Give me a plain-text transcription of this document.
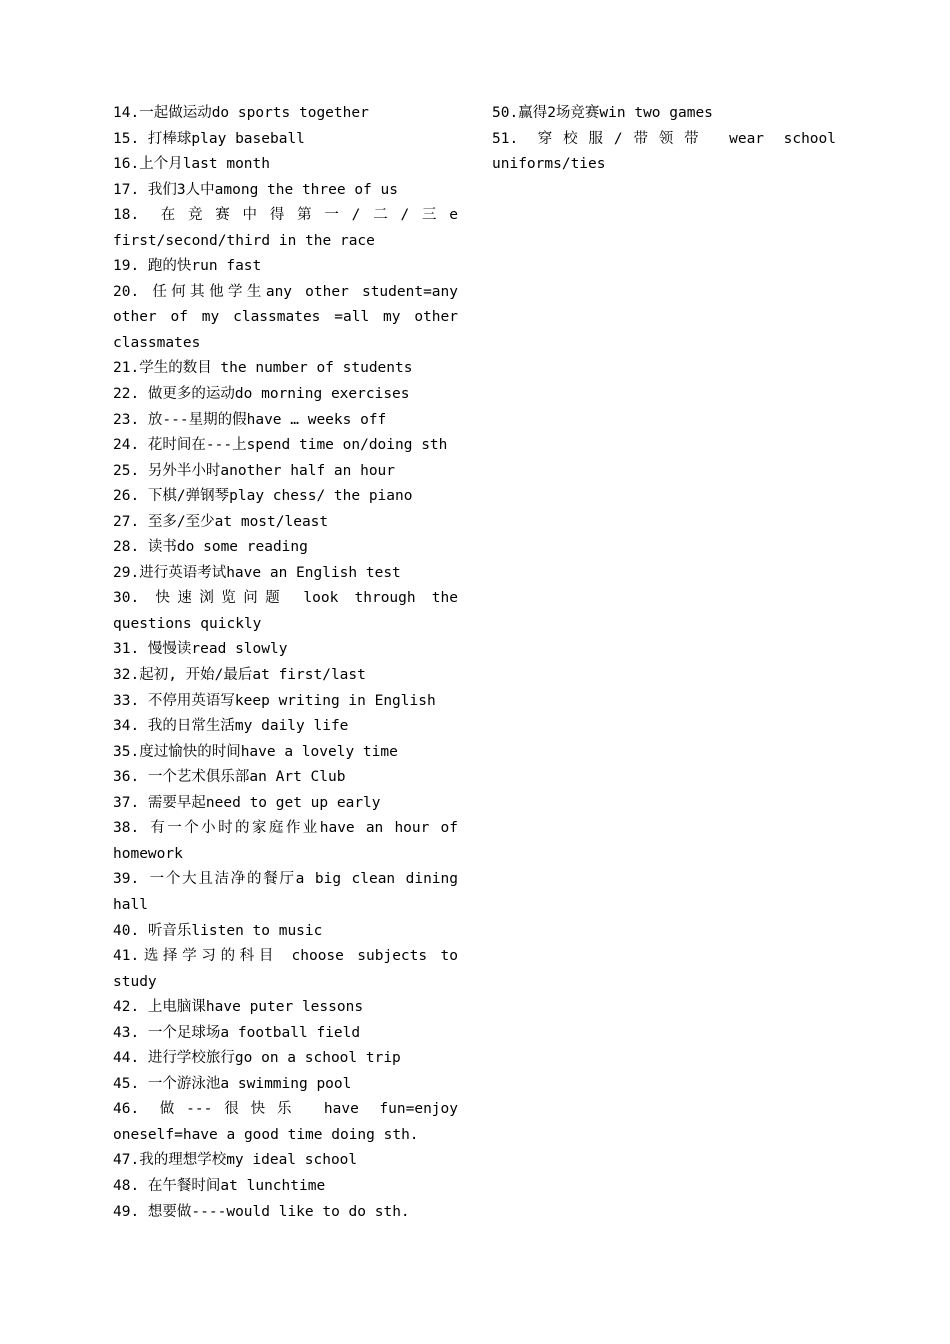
14.一起做运动do sports together

15. 打棒球play baseball

16.上个月last month

17. 我们3人中among the three of us

18. 在竞赛中得第一/二/三e first/second/third in the race

19. 跑的快run fast

20. 任何其他学生any other student=any other of my classmates =all my other classmates

21.学生的数目 the number of students

22. 做更多的运动do morning exercises

23. 放---星期的假have … weeks off

24. 花时间在---上spend time on/doing sth

25. 另外半小时another half an hour

26. 下棋/弹钢琴play chess/ the piano

27. 至多/至少at most/least

28. 读书do some reading

29.进行英语考试have an English test

30. 快速浏览问题 look through the questions quickly

31. 慢慢读read slowly

32.起初, 开始/最后at first/last

33. 不停用英语写keep writing in English

34. 我的日常生活my daily life

35.度过愉快的时间have a lovely time

36. 一个艺术俱乐部an Art Club

37. 需要早起need to get up early

38. 有一个小时的家庭作业have an hour of homework

39. 一个大且洁净的餐厅a big clean dining hall

40. 听音乐listen to music

41.选择学习的科目 choose subjects to study

42. 上电脑课have puter lessons

43. 一个足球场a football field

44. 进行学校旅行go on a school trip

45. 一个游泳池a swimming pool

46. 做---很快乐 have fun=enjoy oneself=have a good time doing sth.

47.我的理想学校my ideal school

48. 在午餐时间at lunchtime

49. 想要做----would like to do sth.

50.赢得2场竞赛win two games

51. 穿校服/带领带 wear school uniforms/ties
